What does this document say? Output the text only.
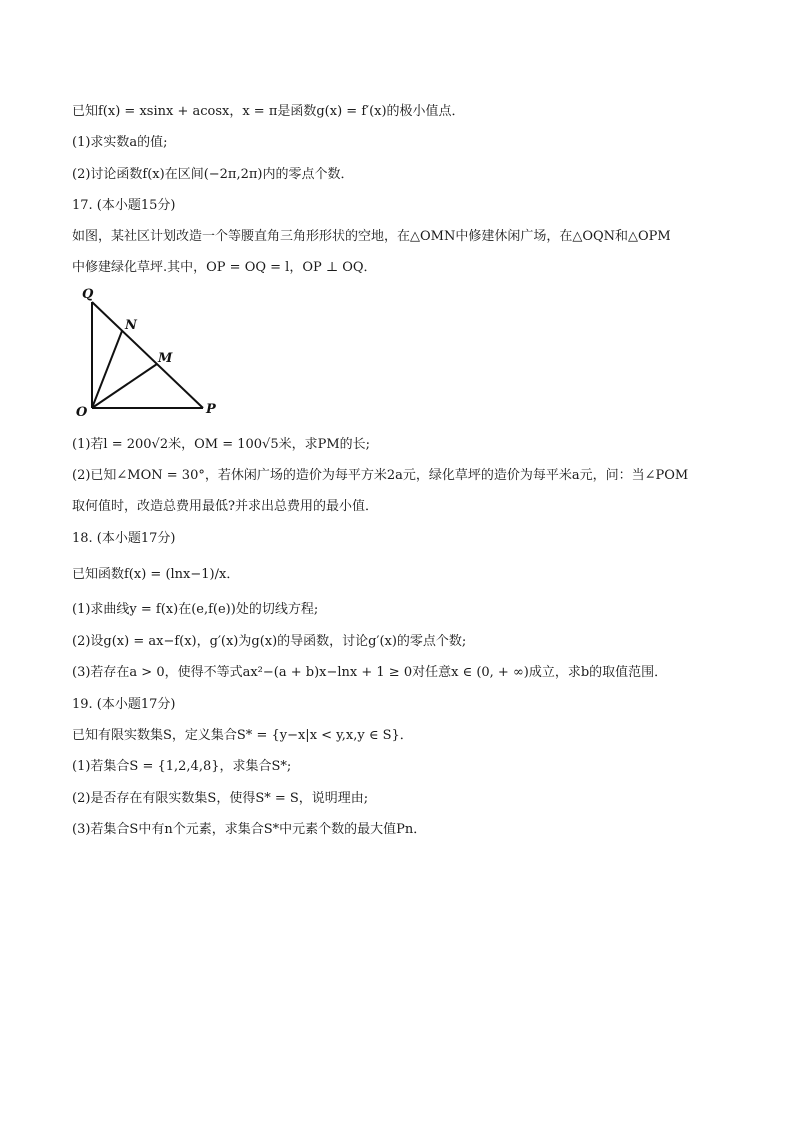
已知f(x) = xsinx + acosx，x = π是函数g(x) = f′(x)的极小值点．
(1)求实数a的值;
(2)讨论函数f(x)在区间(−2π,2π)内的零点个数．
17. (本小题15分)
如图，某社区计划改造一个等腰直角三角形形状的空地，在△OMN中修建休闲广场，在△OQN和△OPM
中修建绿化草坪.其中，OP = OQ = l，OP ⊥ OQ．
Q
N
M
O	P
(1)若l = 200√2米，OM = 100√5米，求PM的长;
(2)已知∠MON = 30°，若休闲广场的造价为每平方米2a元，绿化草坪的造价为每平米a元，问：当∠POM
取何值时，改造总费用最低?并求出总费用的最小值．
18. (本小题17分)
已知函数f(x) = (lnx−1)/x．
(1)求曲线y = f(x)在(e,f(e))处的切线方程;
(2)设g(x) = ax−f(x)，g′(x)为g(x)的导函数，讨论g′(x)的零点个数;
(3)若存在a > 0，使得不等式ax²−(a + b)x−lnx + 1 ≥ 0对任意x ∈ (0, + ∞)成立，求b的取值范围．
19. (本小题17分)
已知有限实数集S，定义集合S* = {y−x|x < y,x,y ∈ S}．
(1)若集合S = {1,2,4,8}，求集合S*;
(2)是否存在有限实数集S，使得S* = S，说明理由;
(3)若集合S中有n个元素，求集合S*中元素个数的最大值Pn．
